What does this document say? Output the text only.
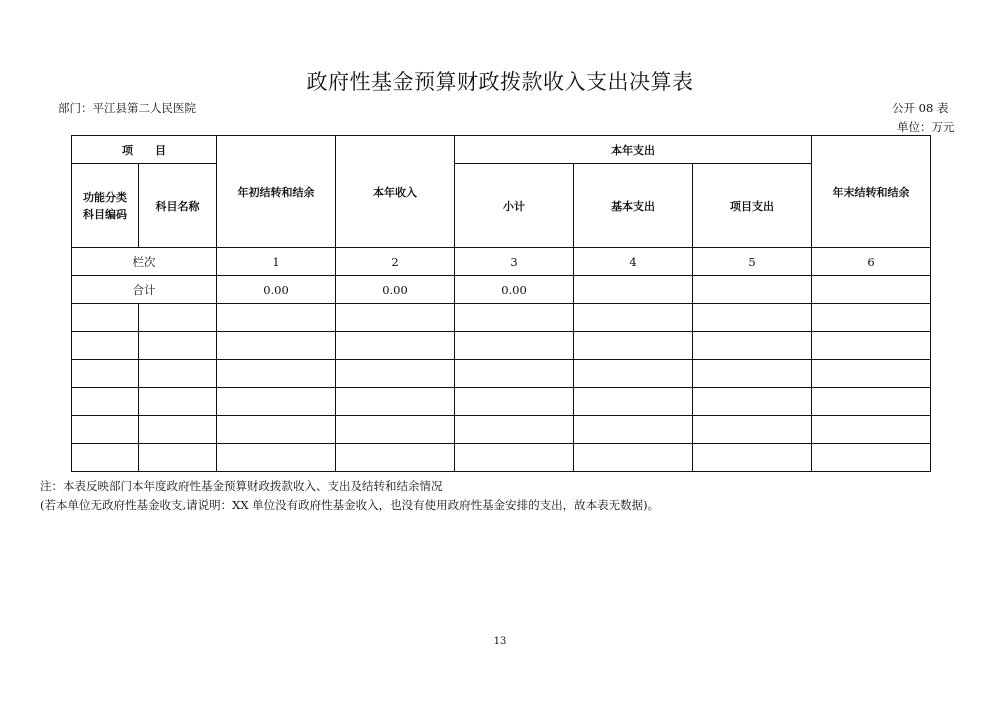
政府性基金预算财政拨款收入支出决算表
部门：平江县第二人民医院	公开 08 表
单位：万元
项　　目		年初结转和结余	本年收入	本年支出			年末结转和结余
功能分类科目编码	科目名称			小计	基本支出	项目支出	
栏次		1	2	3	4	5	6
合计		0.00	0.00	0.00			

注：本表反映部门本年度政府性基金预算财政拨款收入、支出及结转和结余情况
(若本单位无政府性基金收支,请说明：XX 单位没有政府性基金收入，也没有使用政府性基金安排的支出，故本表无数据)。
13
